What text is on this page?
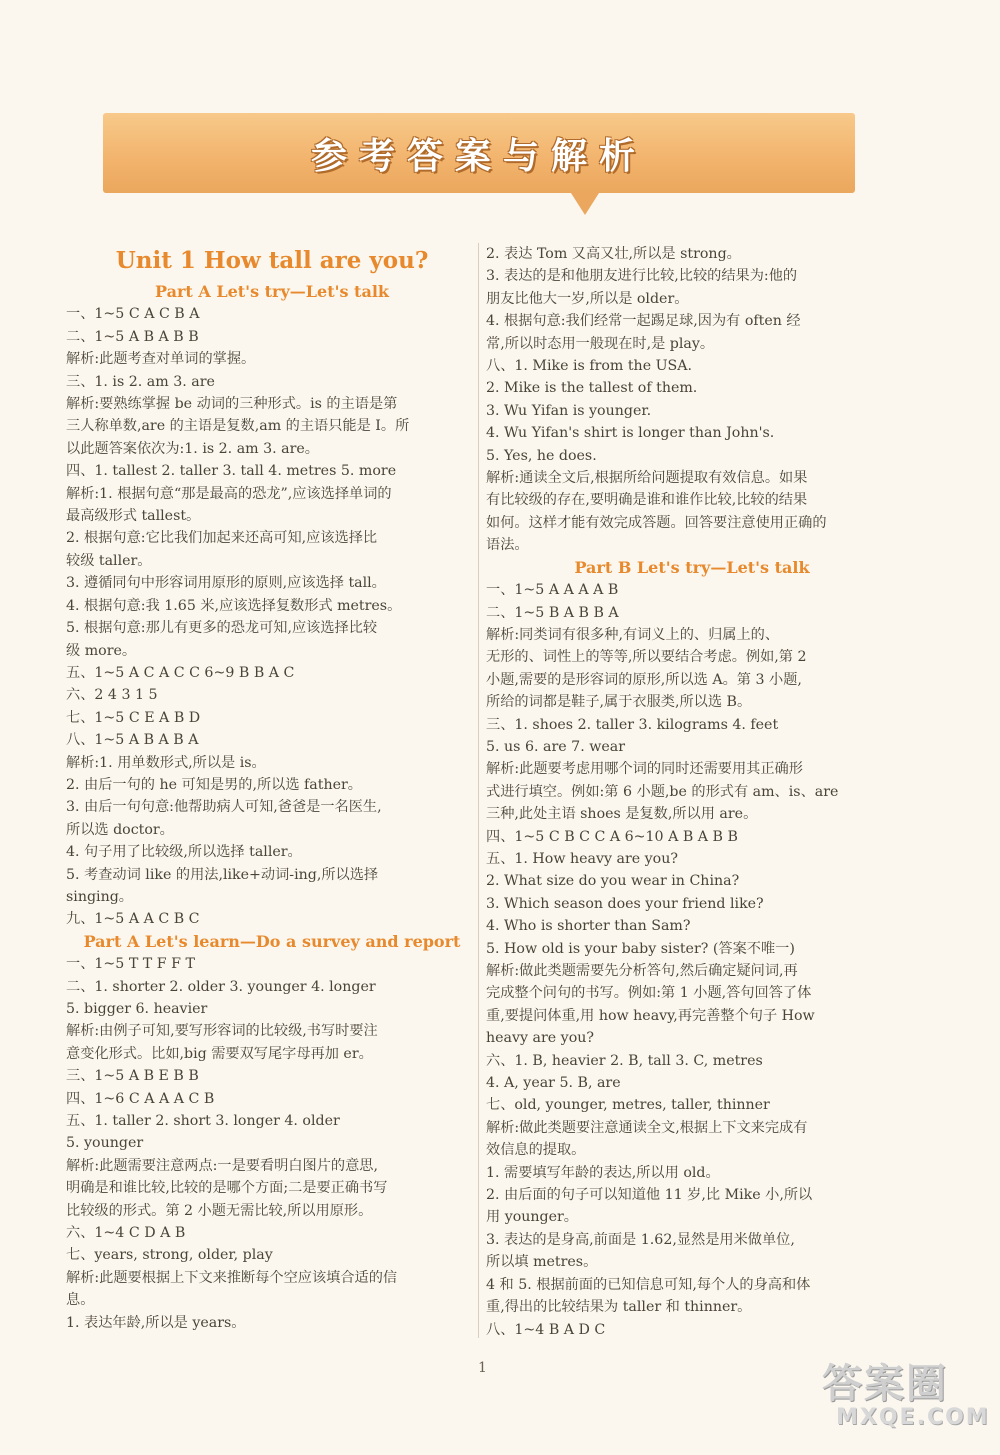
参考答案与解析
Unit 1 How tall are you?
Part A Let's try—Let's talk
一、1~5 C A C B A
二、1~5 A B A B B
解析:此题考查对单词的掌握。
三、1. is 2. am 3. are
解析:要熟练掌握 be 动词的三种形式。is 的主语是第
三人称单数,are 的主语是复数,am 的主语只能是 I。所
以此题答案依次为:1. is 2. am 3. are。
四、1. tallest 2. taller 3. tall 4. metres 5. more
解析:1. 根据句意“那是最高的恐龙”,应该选择单词的
最高级形式 tallest。
2. 根据句意:它比我们加起来还高可知,应该选择比
较级 taller。
3. 遵循同句中形容词用原形的原则,应该选择 tall。
4. 根据句意:我 1.65 米,应该选择复数形式 metres。
5. 根据句意:那儿有更多的恐龙可知,应该选择比较
级 more。
五、1~5 A C A C C 6~9 B B A C
六、2 4 3 1 5
七、1~5 C E A B D
八、1~5 A B A B A
解析:1. 用单数形式,所以是 is。
2. 由后一句的 he 可知是男的,所以选 father。
3. 由后一句句意:他帮助病人可知,爸爸是一名医生,
所以选 doctor。
4. 句子用了比较级,所以选择 taller。
5. 考查动词 like 的用法,like+动词-ing,所以选择
singing。
九、1~5 A A C B C
Part A Let's learn—Do a survey and report
一、1~5 T T F F T
二、1. shorter 2. older 3. younger 4. longer
5. bigger 6. heavier
解析:由例子可知,要写形容词的比较级,书写时要注
意变化形式。比如,big 需要双写尾字母再加 er。
三、1~5 A B E B B
四、1~6 C A A A C B
五、1. taller 2. short 3. longer 4. older
5. younger
解析:此题需要注意两点:一是要看明白图片的意思,
明确是和谁比较,比较的是哪个方面;二是要正确书写
比较级的形式。第 2 小题无需比较,所以用原形。
六、1~4 C D A B
七、years, strong, older, play
解析:此题要根据上下文来推断每个空应该填合适的信
息。
1. 表达年龄,所以是 years。
2. 表达 Tom 又高又壮,所以是 strong。
3. 表达的是和他朋友进行比较,比较的结果为:他的
朋友比他大一岁,所以是 older。
4. 根据句意:我们经常一起踢足球,因为有 often 经
常,所以时态用一般现在时,是 play。
八、1. Mike is from the USA.
2. Mike is the tallest of them.
3. Wu Yifan is younger.
4. Wu Yifan's shirt is longer than John's.
5. Yes, he does.
解析:通读全文后,根据所给问题提取有效信息。如果
有比较级的存在,要明确是谁和谁作比较,比较的结果
如何。这样才能有效完成答题。回答要注意使用正确的
语法。
Part B Let's try—Let's talk
一、1~5 A A A A B
二、1~5 B A B B A
解析:同类词有很多种,有词义上的、归属上的、
无形的、词性上的等等,所以要结合考虑。例如,第 2
小题,需要的是形容词的原形,所以选 A。第 3 小题,
所给的词都是鞋子,属于衣服类,所以选 B。
三、1. shoes 2. taller 3. kilograms 4. feet
5. us 6. are 7. wear
解析:此题要考虑用哪个词的同时还需要用其正确形
式进行填空。例如:第 6 小题,be 的形式有 am、is、are
三种,此处主语 shoes 是复数,所以用 are。
四、1~5 C B C C A 6~10 A B A B B
五、1. How heavy are you?
2. What size do you wear in China?
3. Which season does your friend like?
4. Who is shorter than Sam?
5. How old is your baby sister? (答案不唯一)
解析:做此类题需要先分析答句,然后确定疑问词,再
完成整个问句的书写。例如:第 1 小题,答句回答了体
重,要提问体重,用 how heavy,再完善整个句子 How
heavy are you?
六、1. B, heavier 2. B, tall 3. C, metres
4. A, year 5. B, are
七、old, younger, metres, taller, thinner
解析:做此类题要注意通读全文,根据上下文来完成有
效信息的提取。
1. 需要填写年龄的表达,所以用 old。
2. 由后面的句子可以知道他 11 岁,比 Mike 小,所以
用 younger。
3. 表达的是身高,前面是 1.62,显然是用米做单位,
所以填 metres。
4 和 5. 根据前面的已知信息可知,每个人的身高和体
重,得出的比较结果为 taller 和 thinner。
八、1~4 B A D C
1	答案圈
MXQE.COM
